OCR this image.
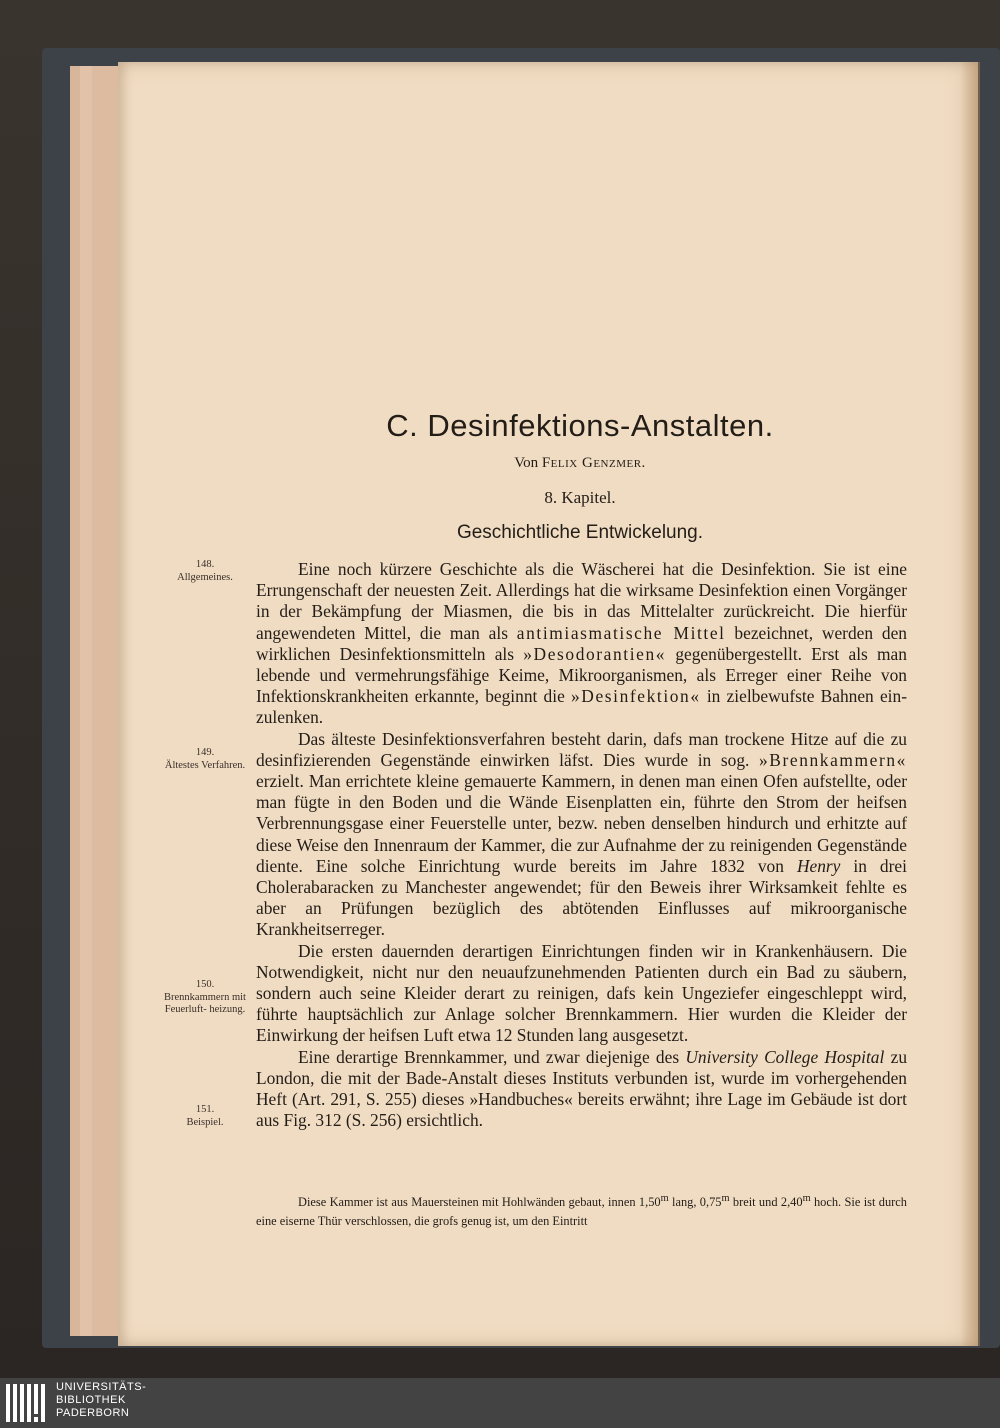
C. Desinfektions-Anstalten.
Von Felix Genzmer.
8. Kapitel.
Geschichtliche Entwickelung.
148.
Allgemeines.
149.
Ältestes Verfahren.
150.
Brennkammern mit Feuerluft- heizung.
151.
Beispiel.

Eine noch kürzere Geschichte als die Wäscherei hat die Desinfektion. Sie ist eine Errungenschaft der neuesten Zeit. Allerdings hat die wirksame Desinfektion einen Vorgänger in der Bekämpfung der Miasmen, die bis in das Mittelalter zurückreicht. Die hierfür angewendeten Mittel, die man als antimiasmatische Mittel bezeichnet, werden den wirklichen Desinfektionsmitteln als »Desodorantien« gegenübergestellt. Erst als man lebende und vermehrungsfähige Keime, Mikroorganismen, als Erreger einer Reihe von Infektionskrankheiten erkannte, beginnt die »Desinfektion« in zielbewufste Bahnen einzulenken.

Das älteste Desinfektionsverfahren besteht darin, dafs man trockene Hitze auf die zu desinfizierenden Gegenstände einwirken läfst. Dies wurde in sog. »Brennkammern« erzielt. Man errichtete kleine gemauerte Kammern, in denen man einen Ofen aufstellte, oder man fügte in den Boden und die Wände Eisenplatten ein, führte den Strom der heifsen Verbrennungsgase einer Feuerstelle unter, bezw. neben denselben hindurch und erhitzte auf diese Weise den Innenraum der Kammer, die zur Aufnahme der zu reinigenden Gegenstände diente. Eine solche Einrichtung wurde bereits im Jahre 1832 von Henry in drei Cholerabaracken zu Manchester angewendet; für den Beweis ihrer Wirksamkeit fehlte es aber an Prüfungen bezüglich des abtötenden Einflusses auf mikroorganische Krankheitserreger.

Die ersten dauernden derartigen Einrichtungen finden wir in Krankenhäusern. Die Notwendigkeit, nicht nur den neuaufzunehmenden Patienten durch ein Bad zu säubern, sondern auch seine Kleider derart zu reinigen, dafs kein Ungeziefer eingeschleppt wird, führte hauptsächlich zur Anlage solcher Brennkammern. Hier wurden die Kleider der Einwirkung der heifsen Luft etwa 12 Stunden lang ausgesetzt.

Eine derartige Brennkammer, und zwar diejenige des University College Hospital zu London, die mit der Bade-Anstalt dieses Instituts verbunden ist, wurde im vorhergehenden Heft (Art. 291, S. 255) dieses »Handbuches« bereits erwähnt; ihre Lage im Gebäude ist dort aus Fig. 312 (S. 256) ersichtlich.

Diese Kammer ist aus Mauersteinen mit Hohlwänden gebaut, innen 1,50$^m$ lang, 0,75$^m$ breit und 2,40$^m$ hoch. Sie ist durch eine eiserne Thür verschlossen, die grofs genug ist, um den Eintritt

UNIVERSITÄTS-
BIBLIOTHEK
PADERBORN
